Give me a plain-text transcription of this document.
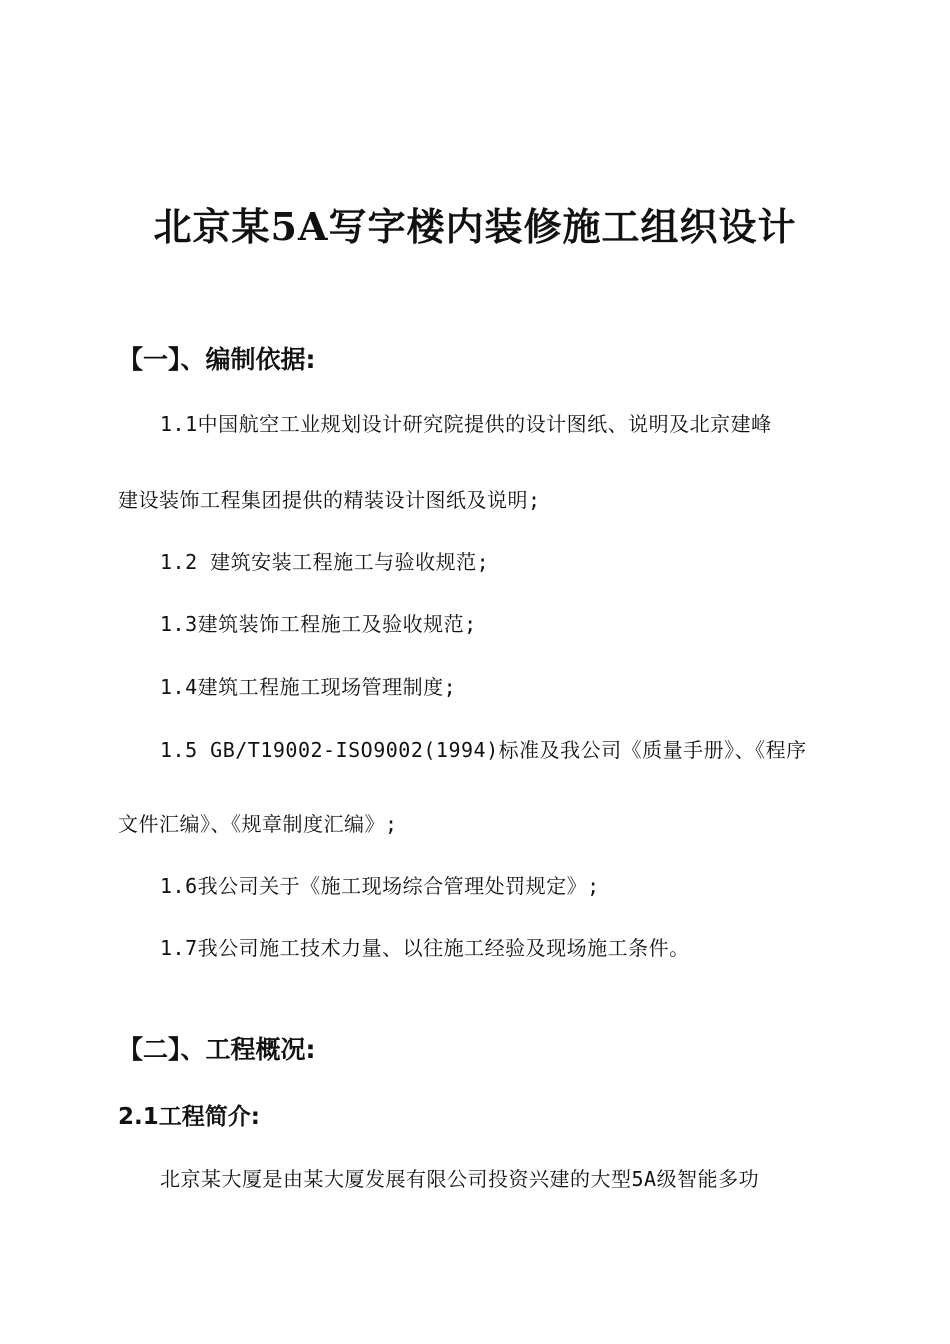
北京某5A写字楼内装修施工组织设计
【一】、编制依据:
1.1中国航空工业规划设计研究院提供的设计图纸、说明及北京建峰
建设装饰工程集团提供的精装设计图纸及说明;
1.2 建筑安装工程施工与验收规范;
1.3建筑装饰工程施工及验收规范;
1.4建筑工程施工现场管理制度;
1.5 GB/T19002-ISO9002(1994)标准及我公司《质量手册》、《程序
文件汇编》、《规章制度汇编》;
1.6我公司关于《施工现场综合管理处罚规定》;
1.7我公司施工技术力量、以往施工经验及现场施工条件。
【二】、工程概况:
2.1工程简介:
北京某大厦是由某大厦发展有限公司投资兴建的大型5A级智能多功
